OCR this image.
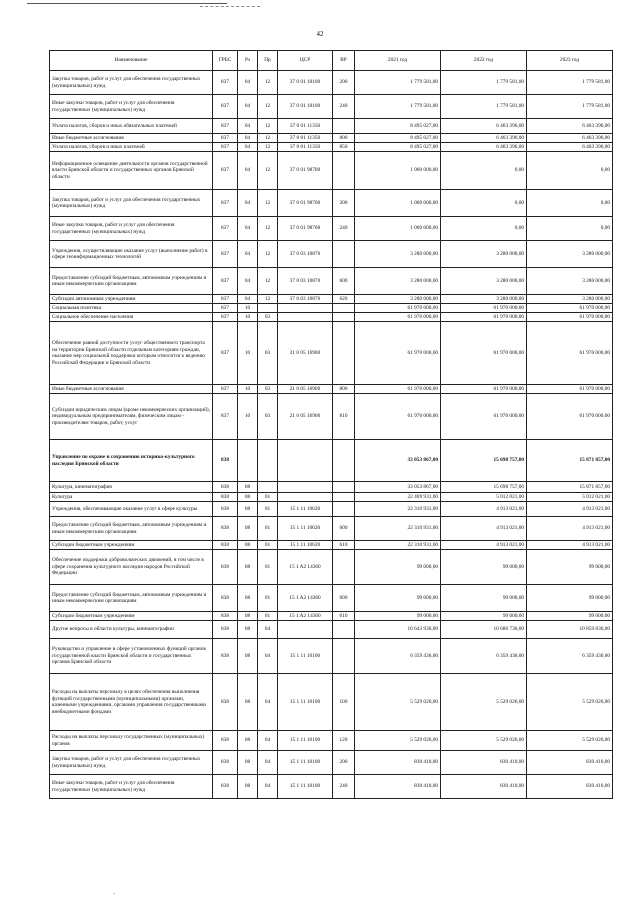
42
Наименование	ГРБС	Рз	Пр	ЦСР	ВР	2021 год	2022 год	2023 год
Закупка товаров, работ и услуг для обеспечения государственных (муниципальных) нужд	837	04	12	37 0 01 10100	200	1 779 581,00	1 779 581,00	1 779 581,00
Иные закупки товаров, работ и услуг для обеспечения государственных (муниципальных) нужд	837	04	12	37 0 01 10100	240	1 779 581,00	1 779 581,00	1 779 581,00
Уплата налогов, сборов и иных обязательных платежей	837	04	12	37 0 01 11350		8 495 027,00	6 463 396,00	6 463 396,00
Иные бюджетные ассигнования	837	04	12	37 0 01 11350	800	8 495 027,00	6 463 396,00	6 463 396,00
Уплата налогов, сборов и иных платежей	837	04	12	37 0 01 11350	850	8 495 027,00	6 463 396,00	6 463 396,00
Информационное освещение деятельности органов государственной власти Брянской области и государственных органов Брянской области	837	04	12	37 0 01 98700		1 000 000,00	0,00	0,00
Закупка товаров, работ и услуг для обеспечения государственных (муниципальных) нужд	837	04	12	37 0 01 98700	200	1 000 000,00	0,00	0,00
Иные закупки товаров, работ и услуг для обеспечения государственных (муниципальных) нужд	837	04	12	37 0 01 98700	240	1 000 000,00	0,00	0,00
Учреждения, осуществляющие оказание услуг (выполнение работ) в сфере геоинформационных технологий	837	04	12	37 0 03 10870		3 280 000,00	3 280 000,00	3 280 000,00
Предоставление субсидий бюджетным, автономным учреждениям и иным некоммерческим организациям	837	04	12	37 0 03 10870	600	3 280 000,00	3 280 000,00	3 280 000,00
Субсидии автономным учреждениям	837	04	12	37 0 03 10870	620	3 280 000,00	3 280 000,00	3 280 000,00
Социальная политика	837	10				61 970 000,00	61 970 000,00	61 970 000,00
Социальное обеспечение населения	837	10	03			61 970 000,00	61 970 000,00	61 970 000,00
Обеспечение равной доступности услуг общественного транспорта на территории Брянской области отдельным категориям граждан, оказание мер социальной поддержки которым относится к ведению Российской Федерации и Брянской области	837	10	03	21 0 05 16900		61 970 000,00	61 970 000,00	61 970 000,00
Иные бюджетные ассигнования	837	10	03	21 0 05 16900	800	61 970 000,00	61 970 000,00	61 970 000,00
Субсидии юридическим лицам (кроме некоммерческих организаций), индивидуальным предпринимателям, физическим лицам - производителям товаров, работ, услуг	837	10	03	21 0 05 16900	810	61 970 000,00	61 970 000,00	61 970 000,00
Управление по охране и сохранению историко-культурного наследия Брянской области	838					33 053 867,00	15 698 757,00	15 871 857,00
Культура, кинематография	838	08				33 053 867,00	15 698 757,00	15 871 857,00
Культура	838	08	01			22 409 931,00	5 012 021,00	5 012 021,00
Учреждения, обеспечивающие оказание услуг в сфере культуры	838	08	01	15 1 11 10620		22 310 931,00	4 913 021,00	4 913 021,00
Предоставление субсидий бюджетным, автономным учреждениям и иным некоммерческим организациям	838	08	01	15 1 11 10620	600	22 310 931,00	4 913 021,00	4 913 021,00
Субсидии бюджетным учреждениям	838	08	01	15 1 11 10620	610	22 310 931,00	4 913 021,00	4 913 021,00
Обеспечение поддержки добровольческих движений, в том числе в сфере сохранения культурного наследия народов Российской Федерации	838	08	01	15 1 A2 14360		99 000,00	99 000,00	99 000,00
Предоставление субсидий бюджетным, автономным учреждениям и иным некоммерческим организациям	838	08	01	15 1 A2 14360	600	99 000,00	99 000,00	99 000,00
Субсидии бюджетным учреждениям	838	08	01	15 1 A2 14360	610	99 000,00	99 000,00	99 000,00
Другие вопросы в области культуры, кинематографии	838	08	04			10 643 936,00	10 686 736,00	10 859 836,00
Руководство и управление в сфере установленных функций органов государственной власти Брянской области и государственных органов Брянской области	838	08	04	15 1 11 10100		6 359 436,00	6 359 436,00	6 359 436,00
Расходы на выплаты персоналу в целях обеспечения выполнения функций государственными (муниципальными) органами, казенными учреждениями, органами управления государственными внебюджетными фондами	838	08	04	15 1 11 10100	100	5 529 026,00	5 529 026,00	5 529 026,00
Расходы на выплаты персоналу государственных (муниципальных) органов	838	08	04	15 1 11 10100	120	5 529 026,00	5 529 026,00	5 529 026,00
Закупка товаров, работ и услуг для обеспечения государственных (муниципальных) нужд	838	08	04	15 1 11 10100	200	830 410,00	830 410,00	830 410,00
Иные закупки товаров, работ и услуг для обеспечения государственных (муниципальных) нужд	838	08	04	15 1 11 10100	240	830 410,00	830 410,00	830 410,00
.
